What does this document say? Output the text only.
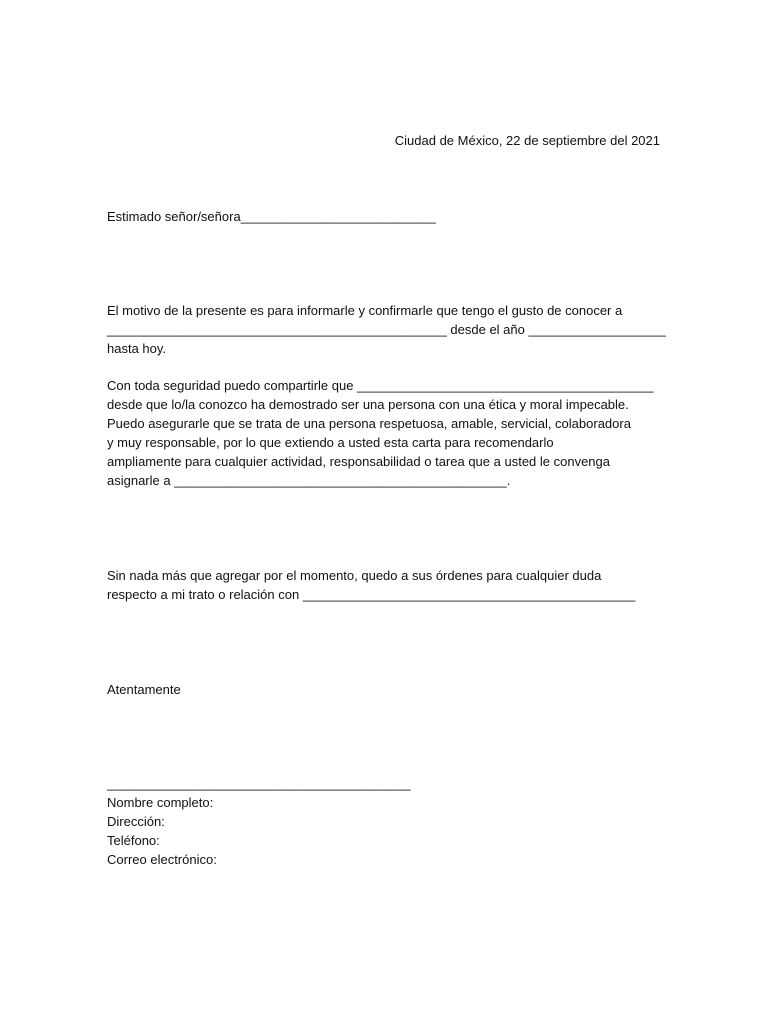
Ciudad de México, 22 de septiembre del 2021
Estimado señor/señora___________________________
El motivo de la presente es para informarle y confirmarle que tengo el gusto de conocer a
_______________________________________________ desde el año ___________________
hasta hoy.
Con toda seguridad puedo compartirle que _________________________________________
desde que lo/la conozco ha demostrado ser una persona con una ética y moral impecable.
Puedo asegurarle que se trata de una persona respetuosa, amable, servicial, colaboradora
y muy responsable, por lo que extiendo a usted esta carta para recomendarlo
ampliamente para cualquier actividad, responsabilidad o tarea que a usted le convenga
asignarle a ______________________________________________.
Sin nada más que agregar por el momento, quedo a sus órdenes para cualquier duda
respecto a mi trato o relación con ______________________________________________
Atentamente
__________________________________________
Nombre completo:
Dirección:
Teléfono:
Correo electrónico:
